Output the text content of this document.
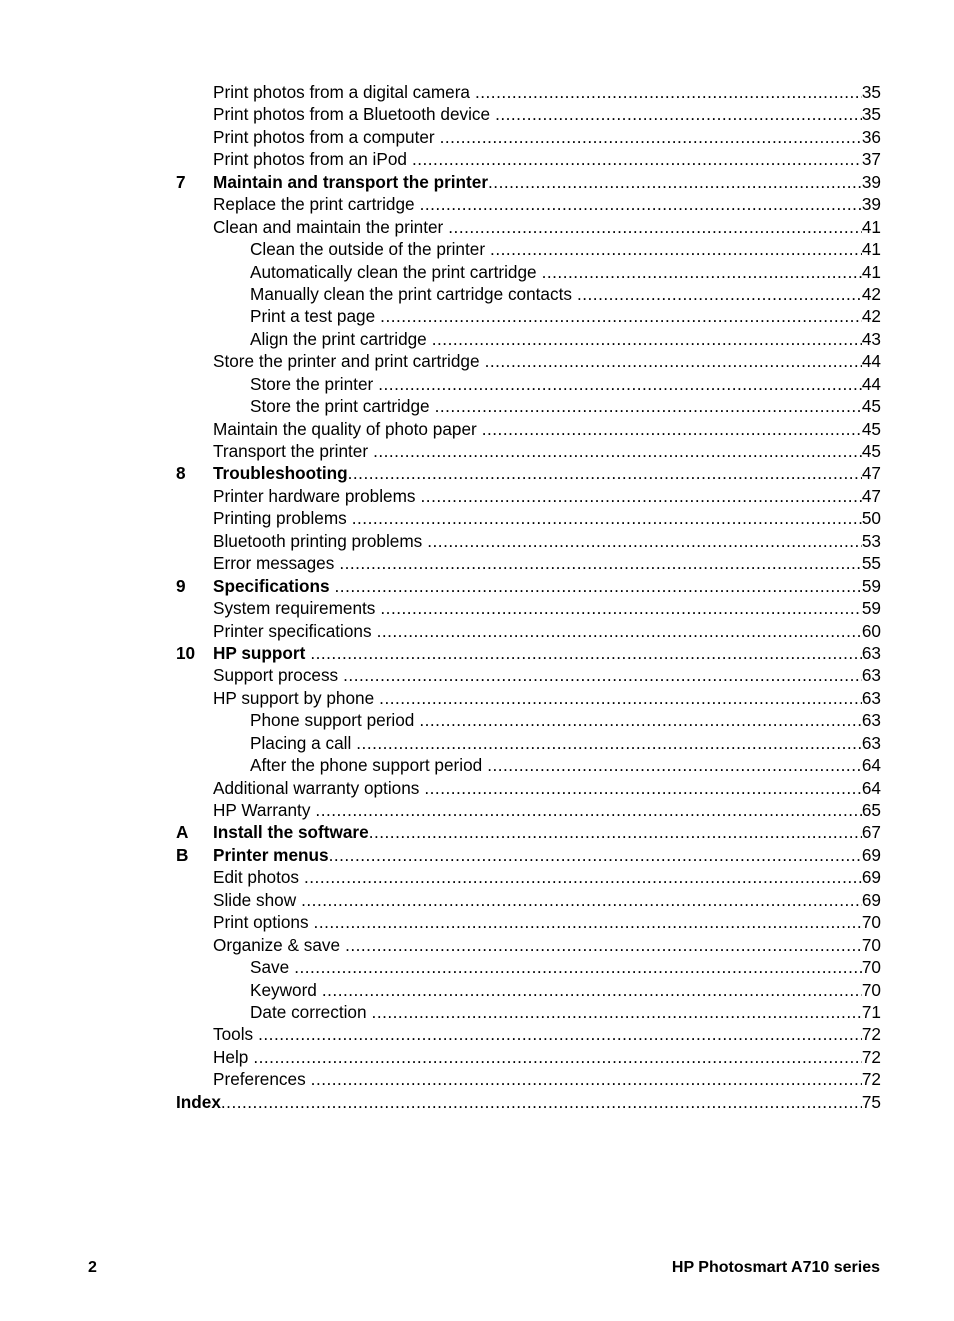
Print photos from a digital camera .....	35
Print photos from a Bluetooth device .....	35
Print photos from a computer .....	36
Print photos from an iPod .....	37
7 Maintain and transport the printer .....	39
Replace the print cartridge .....	39
Clean and maintain the printer .....	41
Clean the outside of the printer .....	41
Automatically clean the print cartridge .....	41
Manually clean the print cartridge contacts .....	42
Print a test page .....	42
Align the print cartridge .....	43
Store the printer and print cartridge .....	44
Store the printer .....	44
Store the print cartridge .....	45
Maintain the quality of photo paper .....	45
Transport the printer .....	45
8 Troubleshooting .....	47
Printer hardware problems .....	47
Printing problems .....	50
Bluetooth printing problems .....	53
Error messages .....	55
9 Specifications .....	59
System requirements .....	59
Printer specifications .....	60
10 HP support .....	63
Support process .....	63
HP support by phone .....	63
Phone support period .....	63
Placing a call .....	63
After the phone support period .....	64
Additional warranty options .....	64
HP Warranty .....	65
A Install the software .....	67
B Printer menus .....	69
Edit photos .....	69
Slide show .....	69
Print options .....	70
Organize & save .....	70
Save .....	70
Keyword .....	70
Date correction .....	71
Tools .....	72
Help .....	72
Preferences .....	72
Index .....	75
2	HP Photosmart A710 series
